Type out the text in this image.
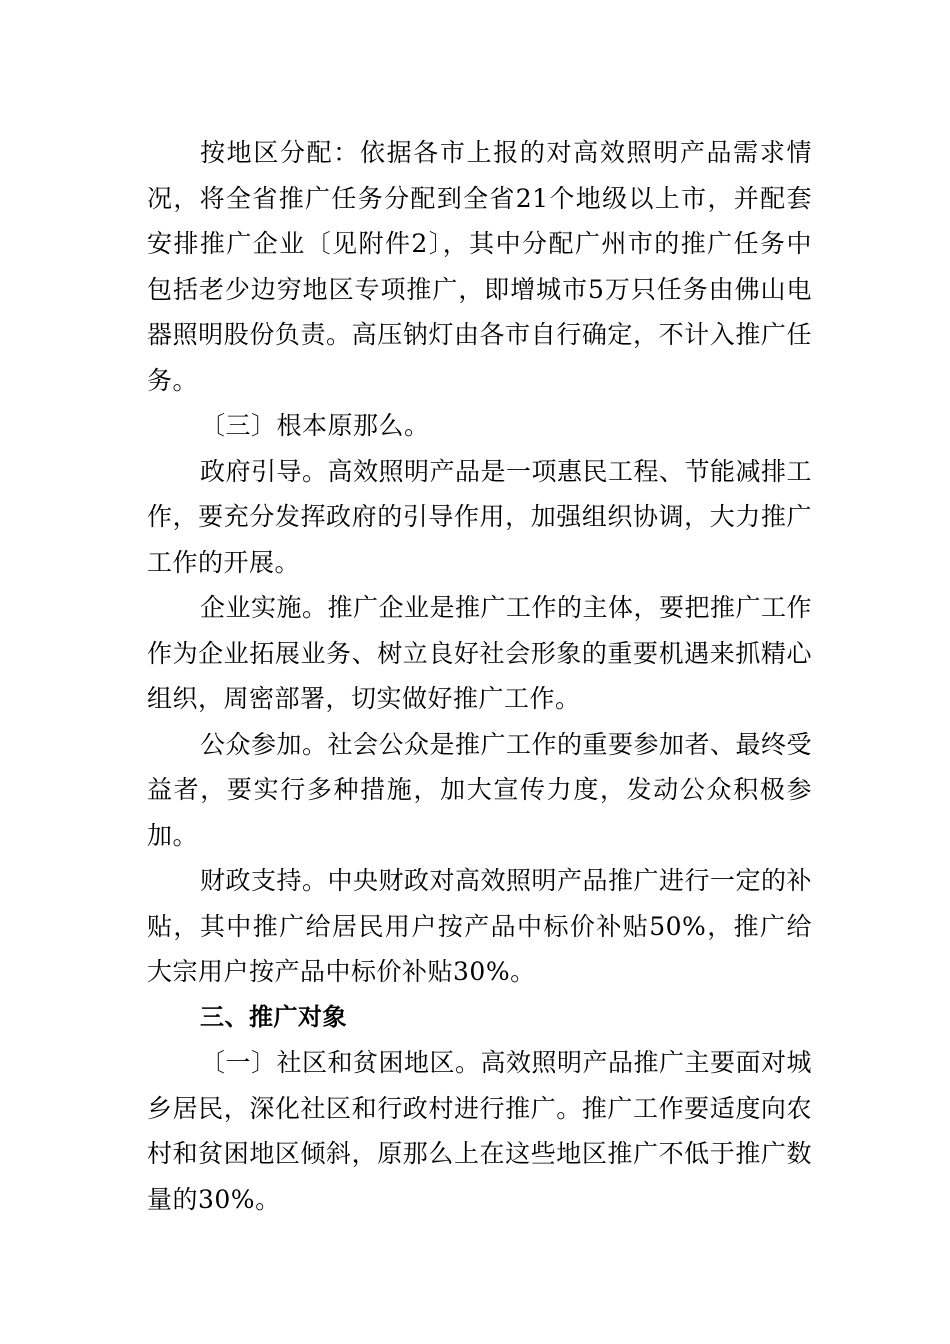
按地区分配：依据各市上报的对高效照明产品需求情况，将全省推广任务分配到全省21个地级以上市，并配套安排推广企业〔见附件2〕，其中分配广州市的推广任务中包括老少边穷地区专项推广，即增城市5万只任务由佛山电器照明股份负责。高压钠灯由各市自行确定，不计入推广任务。

〔三〕根本原那么。

政府引导。高效照明产品是一项惠民工程、节能减排工作，要充分发挥政府的引导作用，加强组织协调，大力推广工作的开展。

企业实施。推广企业是推广工作的主体，要把推广工作作为企业拓展业务、树立良好社会形象的重要机遇来抓精心组织，周密部署，切实做好推广工作。

公众参加。社会公众是推广工作的重要参加者、最终受益者，要实行多种措施，加大宣传力度，发动公众积极参加。

财政支持。中央财政对高效照明产品推广进行一定的补贴，其中推广给居民用户按产品中标价补贴50%，推广给大宗用户按产品中标价补贴30%。

三、推广对象

〔一〕社区和贫困地区。高效照明产品推广主要面对城乡居民，深化社区和行政村进行推广。推广工作要适度向农村和贫困地区倾斜，原那么上在这些地区推广不低于推广数量的30%。
